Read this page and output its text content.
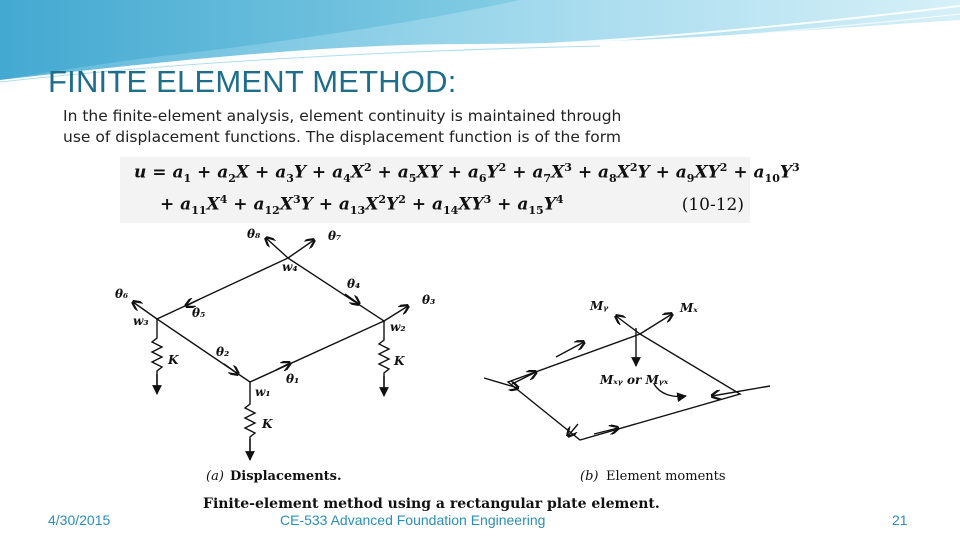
FINITE ELEMENT METHOD:
In the finite-element analysis, element continuity is maintained through
use of displacement functions. The displacement function is of the form
$u = a_1 + a_2X + a_3Y + a_4X^2 + a_5XY + a_6Y^2 + a_7X^3 + a_8X^2Y + a_9XY^2 + a_{10}Y^3$
+ $a_{11}X^4 + a_{12}X^3Y + a_{13}X^2Y^2 + a_{14}XY^3 + a_{15}Y^4$	(10-12)
θ₈	θ₇
w₄
θ₄
θ₃
θ₆
θ₅
w₃	w₂
θ₂
θ₁
w₁
K	K
K
Mᵧ	Mₓ
Mₓᵧ or Mᵧₓ
(a) Displacements.	(b) Element moments
Finite-element method using a rectangular plate element.
4/30/2015	CE-533 Advanced Foundation Engineering	21
